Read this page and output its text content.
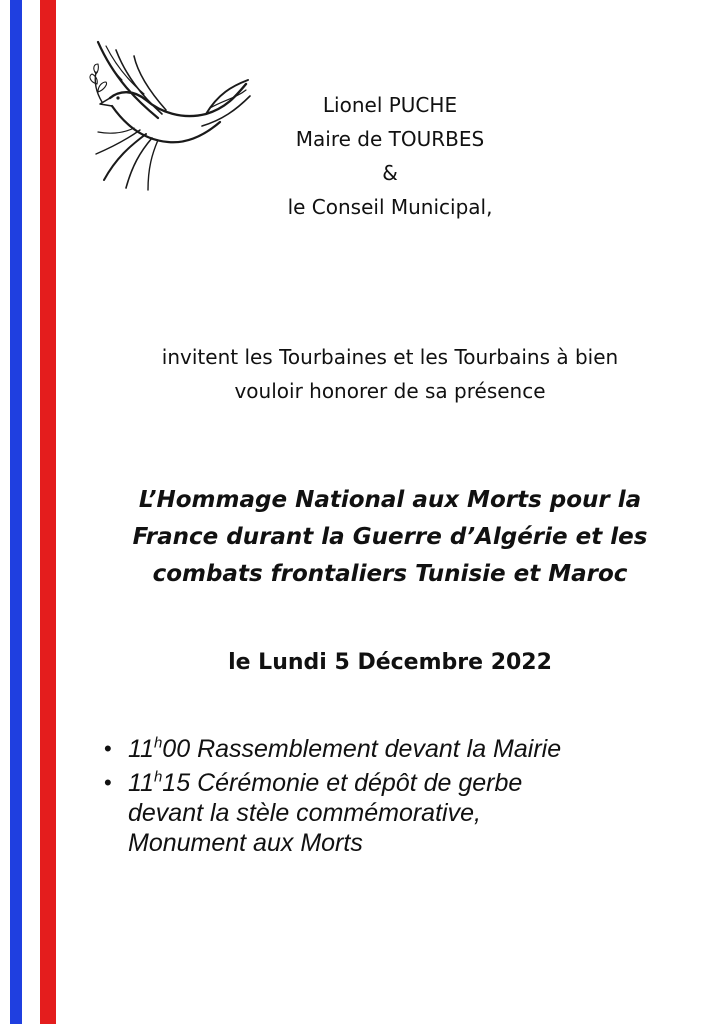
Lionel PUCHE
Maire de TOURBES
&
le Conseil Municipal,
invitent les Tourbaines et les Tourbains à bien
vouloir honorer de sa présence
L’Hommage National aux Morts pour la
France durant la Guerre d’Algérie et les
combats frontaliers Tunisie et Maroc
le Lundi 5 Décembre 2022
• 11$^h$00 Rassemblement devant la Mairie
• 11$^h$15 Cérémonie et dépôt de gerbe
devant la stèle commémorative,
Monument aux Morts
